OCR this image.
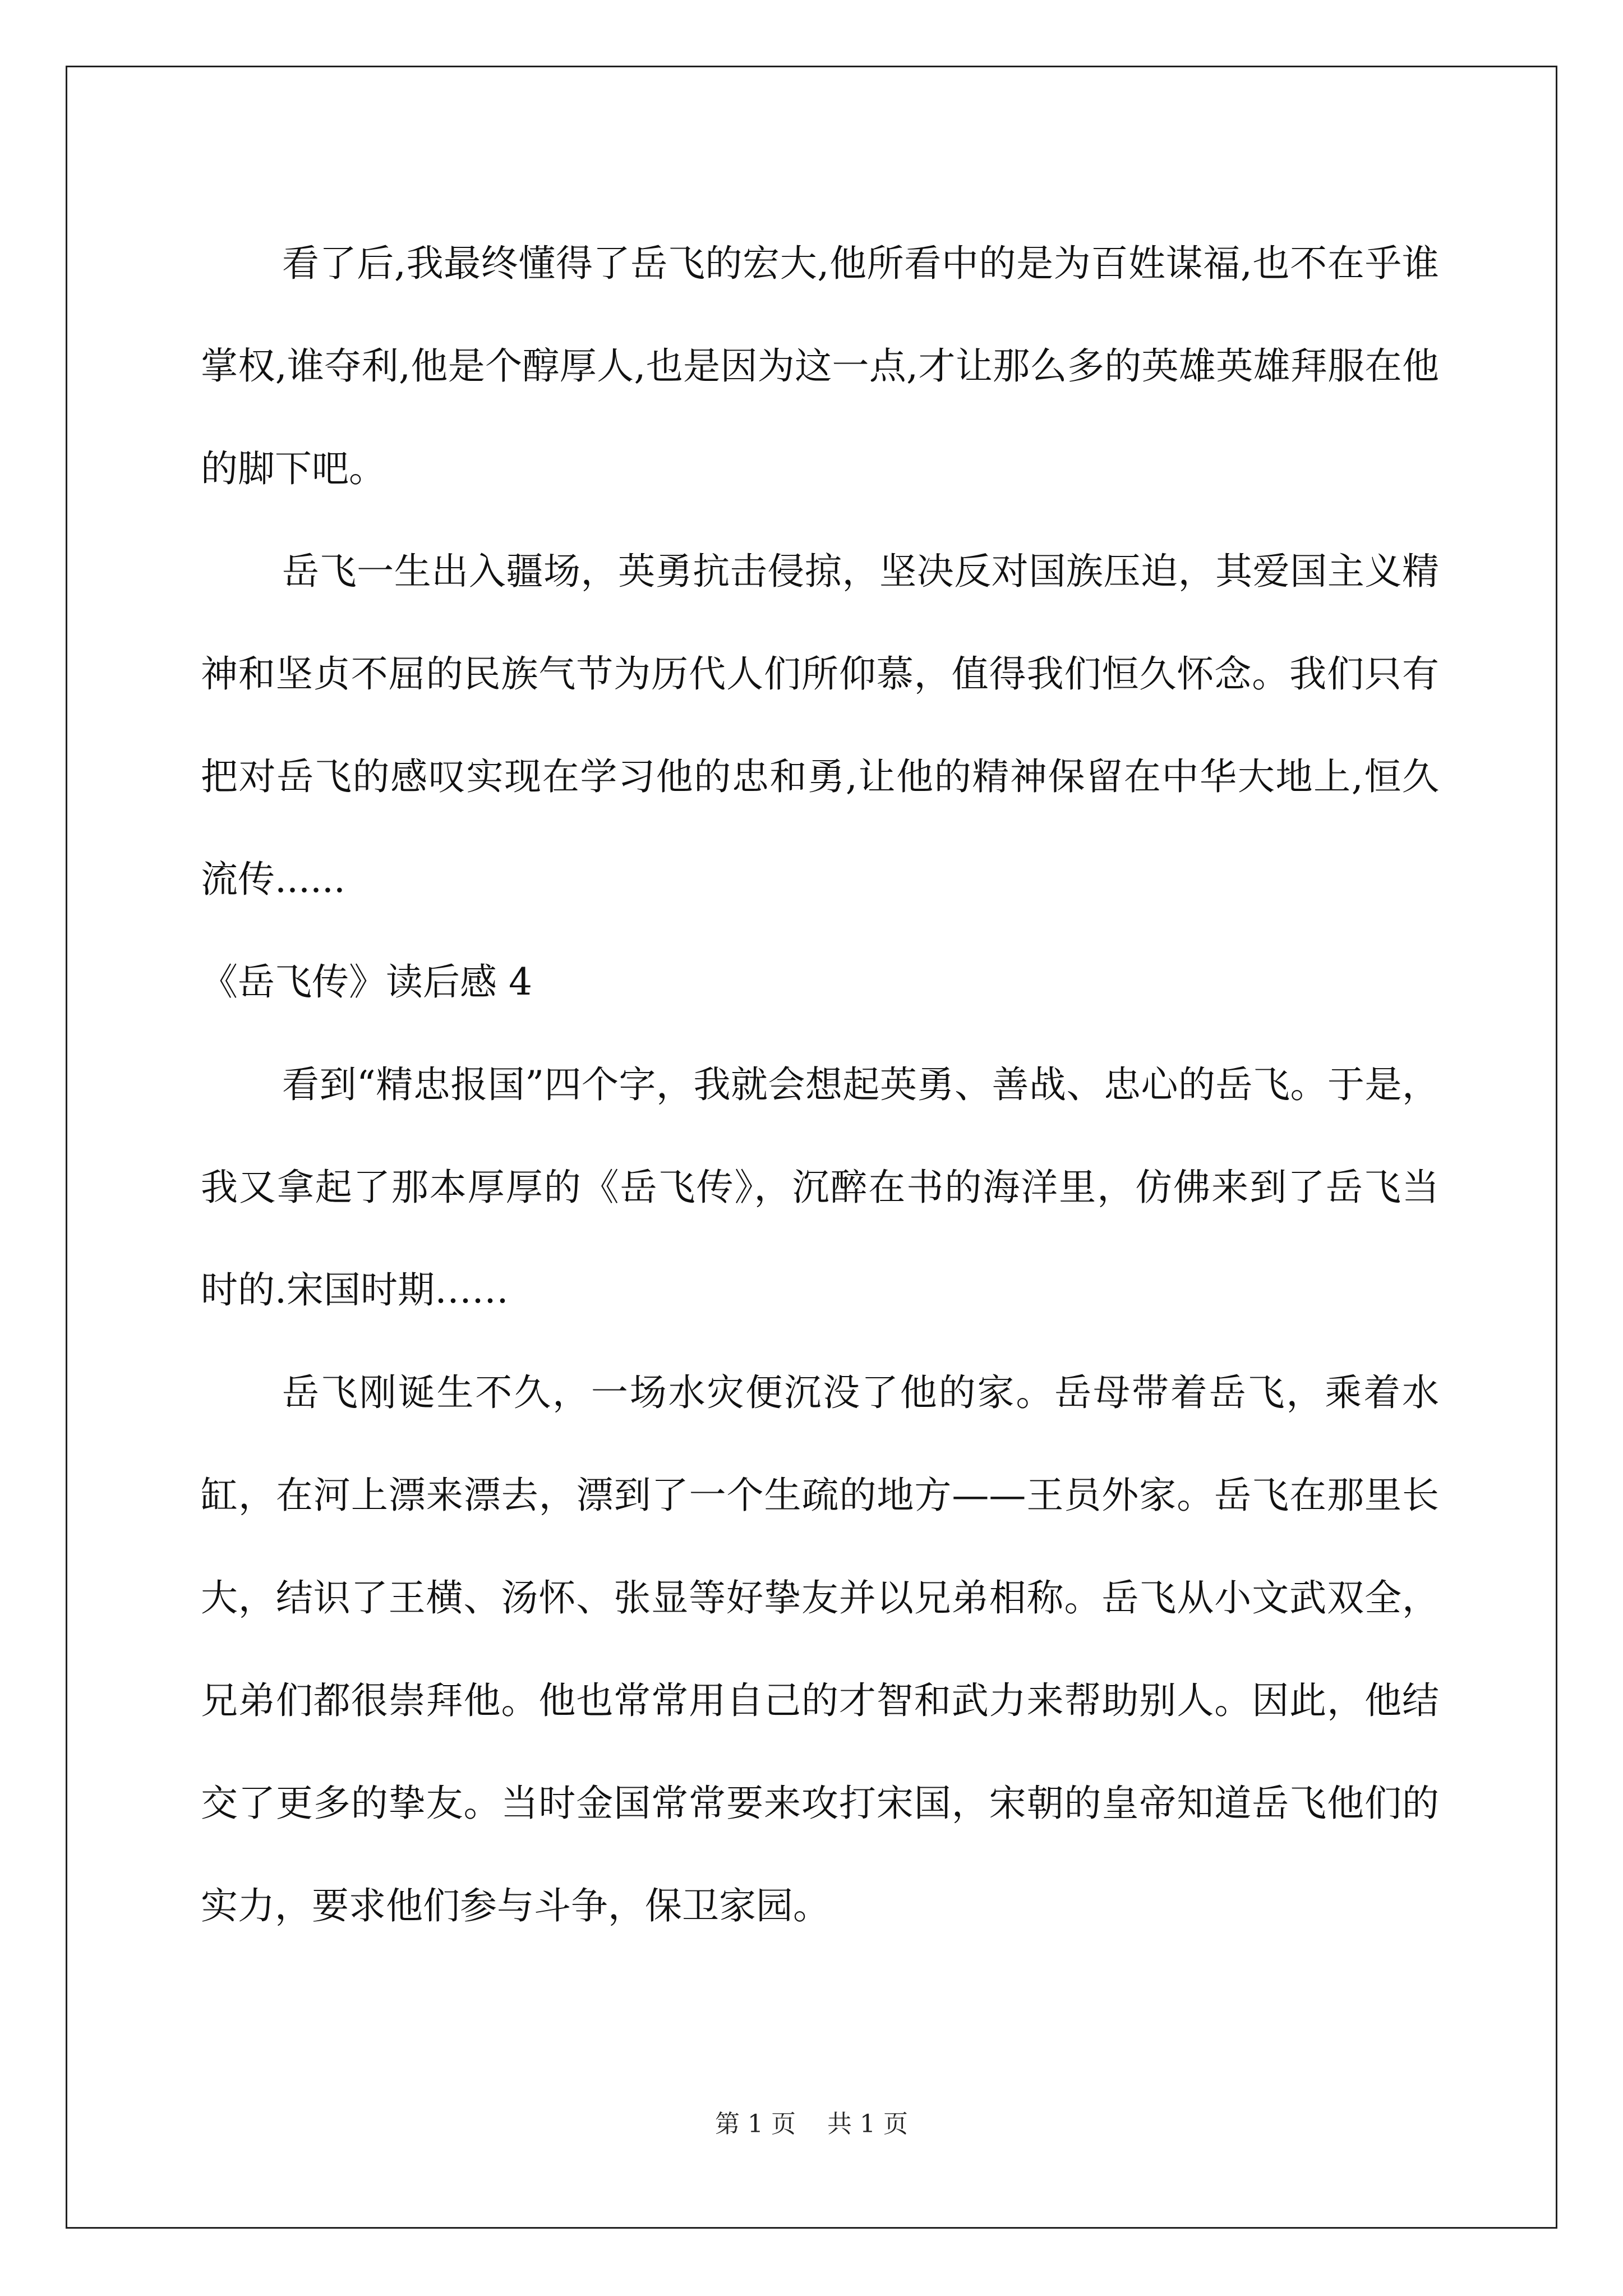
看了后,我最终懂得了岳飞的宏大,他所看中的是为百姓谋福,也不在乎谁掌权,谁夺利,他是个醇厚人,也是因为这一点,才让那么多的英雄英雄拜服在他的脚下吧。

岳飞一生出入疆场，英勇抗击侵掠，坚决反对国族压迫，其爱国主义精神和坚贞不屈的民族气节为历代人们所仰慕，值得我们恒久怀念。我们只有把对岳飞的感叹实现在学习他的忠和勇,让他的精神保留在中华大地上,恒久流传......

《岳飞传》读后感 4

看到“精忠报国”四个字，我就会想起英勇、善战、忠心的岳飞。于是，我又拿起了那本厚厚的《岳飞传》，沉醉在书的海洋里，仿佛来到了岳飞当时的.宋国时期……

岳飞刚诞生不久，一场水灾便沉没了他的家。岳母带着岳飞，乘着水缸，在河上漂来漂去，漂到了一个生疏的地方——王员外家。岳飞在那里长大，结识了王横、汤怀、张显等好挚友并以兄弟相称。岳飞从小文武双全，兄弟们都很崇拜他。他也常常用自己的才智和武力来帮助别人。因此，他结交了更多的挚友。当时金国常常要来攻打宋国，宋朝的皇帝知道岳飞他们的实力，要求他们参与斗争，保卫家园。

第 1 页 共 1 页
